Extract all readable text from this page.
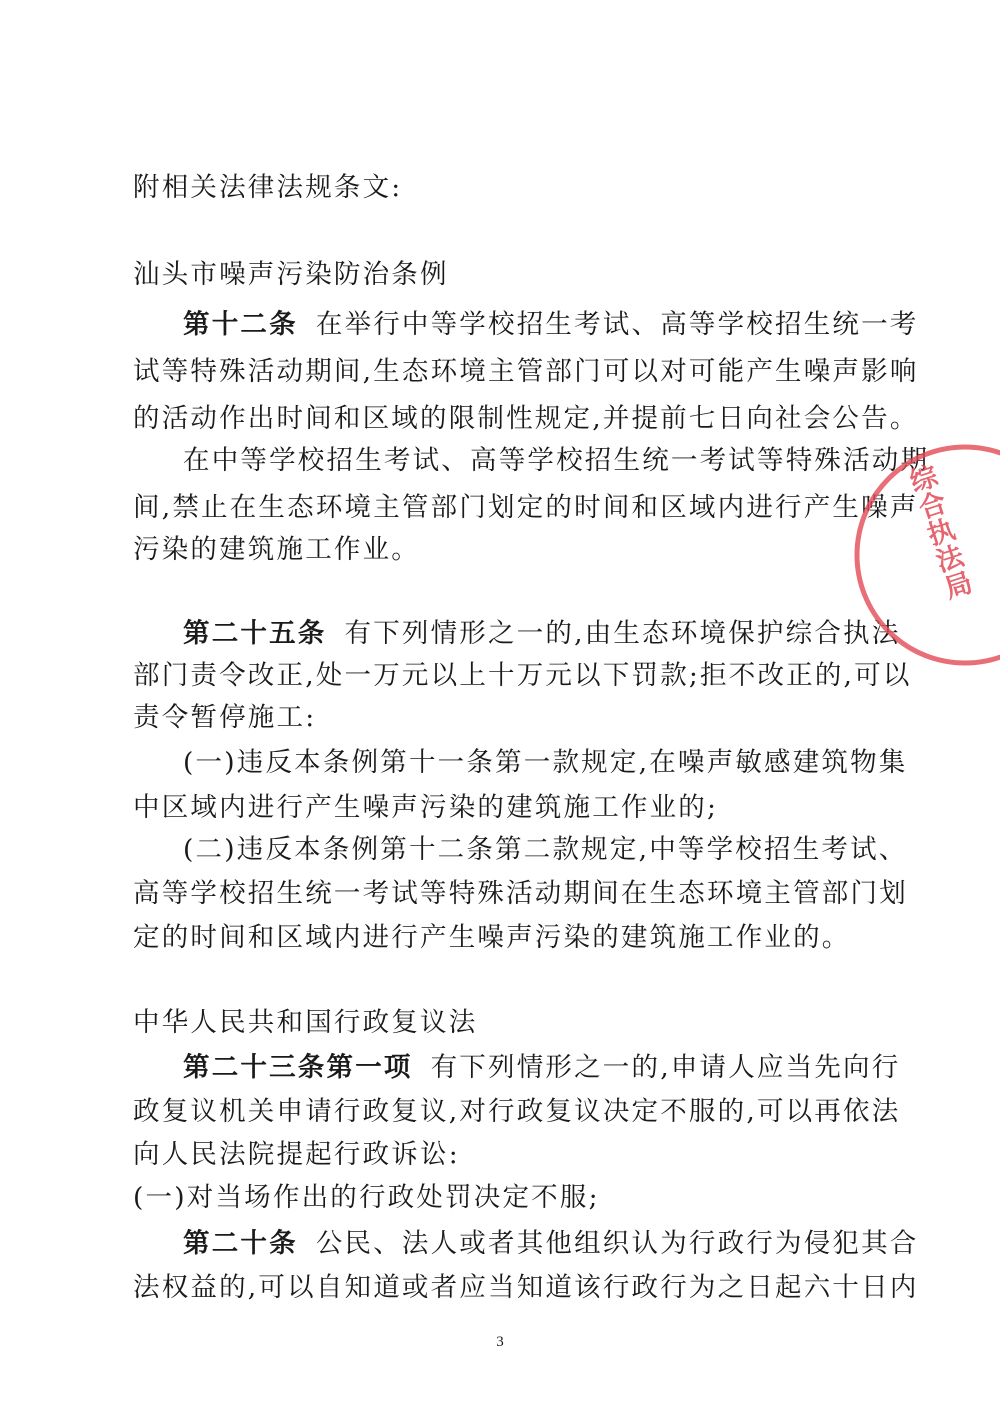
附相关法律法规条文:
汕头市噪声污染防治条例
第十二条 在举行中等学校招生考试、高等学校招生统一考
试等特殊活动期间,生态环境主管部门可以对可能产生噪声影响
的活动作出时间和区域的限制性规定,并提前七日向社会公告。
在中等学校招生考试、高等学校招生统一考试等特殊活动期
间,禁止在生态环境主管部门划定的时间和区域内进行产生噪声
污染的建筑施工作业。
第二十五条 有下列情形之一的,由生态环境保护综合执法
部门责令改正,处一万元以上十万元以下罚款;拒不改正的,可以
责令暂停施工:
(一)违反本条例第十一条第一款规定,在噪声敏感建筑物集
中区域内进行产生噪声污染的建筑施工作业的;
(二)违反本条例第十二条第二款规定,中等学校招生考试、
高等学校招生统一考试等特殊活动期间在生态环境主管部门划
定的时间和区域内进行产生噪声污染的建筑施工作业的。
中华人民共和国行政复议法
第二十三条第一项 有下列情形之一的,申请人应当先向行
政复议机关申请行政复议,对行政复议决定不服的,可以再依法
向人民法院提起行政诉讼:
(一)对当场作出的行政处罚决定不服;
第二十条 公民、法人或者其他组织认为行政行为侵犯其合
法权益的,可以自知道或者应当知道该行政行为之日起六十日内
3
综合执法局
